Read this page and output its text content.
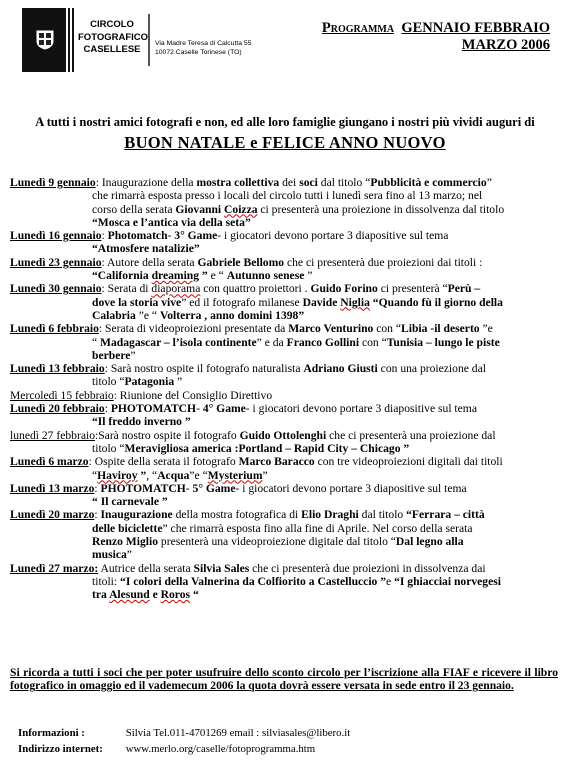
CIRCOLO
FOTOGRAFICO
CASELLESE
Via Madre Teresa di Calcutta 55
10072 Caselle Torinese (TO)
Programma GENNAIO FEBBRAIO
MARZO 2006
A tutti i nostri amici fotografi e non, ed alle loro famiglie giungano i nostri più vividi auguri di
BUON NATALE e FELICE ANNO NUOVO
Lunedì 9 gennaio: Inaugurazione della mostra collettiva dei soci dal titolo “Pubblicità e commercio”
che rimarrà esposta presso i locali del circolo tutti i lunedì sera fino al 13 marzo; nel
corso della serata Giovanni Coizza ci presenterà una proiezione in dissolvenza dal titolo
“Mosca e l’antica via della seta”
Lunedì 16 gennaio: Photomatch- 3° Game- i giocatori devono portare 3 diapositive sul tema
“Atmosfere natalizie”
Lunedì 23 gennaio: Autore della serata Gabriele Bellomo che ci presenterà due proiezioni dai titoli :
“California dreaming ” e “ Autunno senese ”
Lunedì 30 gennaio: Serata di diaporama con quattro proiettori . Guido Forino ci presenterà “Perù –
dove la storia vive” ed il fotografo milanese Davide Niglia “Quando fù il giorno della
Calabria ”e “ Volterra , anno domini 1398”
Lunedì 6 febbraio: Serata di videoproiezioni presentate da Marco Venturino con “Libia -il deserto ”e
“ Madagascar – l’isola continente” e da Franco Gollini con “Tunisia – lungo le piste
berbere”
Lunedì 13 febbraio: Sarà nostro ospite il fotografo naturalista Adriano Giusti con una proiezione dal
titolo “Patagonia ”
Mercoledì 15 febbraio: Riunione del Consiglio Direttivo
Lunedì 20 febbraio: PHOTOMATCH- 4° Game- i giocatori devono portare 3 diapositive sul tema
“Il freddo inverno ”
lunedì 27 febbraio:Sarà nostro ospite il fotografo Guido Ottolenghi che ci presenterà una proiezione dal
titolo “Meravigliosa america :Portland – Rapid City – Chicago ”
Lunedì 6 marzo: Ospite della serata il fotografo Marco Baracco con tre videoproiezioni digitali dai titoli
“Haviroy ”, “Acqua”e “Mysterium”
Lunedì 13 marzo: PHOTOMATCH- 5° Game- i giocatori devono portare 3 diapositive sul tema
“ Il carnevale ”
Lunedì 20 marzo: Inaugurazione della mostra fotografica di Elio Draghi dal titolo “Ferrara – città
delle biciclette” che rimarrà esposta fino alla fine di Aprile. Nel corso della serata
Renzo Miglio presenterà una videoproiezione digitale dal titolo “Dal legno alla
musica”
Lunedì 27 marzo: Autrice della serata Silvia Sales che ci presenterà due proiezioni in dissolvenza dai
titoli: “I colori della Valnerina da Colfiorito a Castelluccio ”e “I ghiacciai norvegesi
tra Alesund e Roros “
Si ricorda a tutti i soci che per poter usufruire dello sconto circolo per l’iscrizione alla FIAF e ricevere il libro fotografico in omaggio ed il vademecum 2006 la quota dovrà essere versata in sede entro il 23 gennaio.
Informazioni :	Silvia Tel.011-4701269 email : silviasales@libero.it
Indirizzo internet: www.merlo.org/caselle/fotoprogramma.htm
